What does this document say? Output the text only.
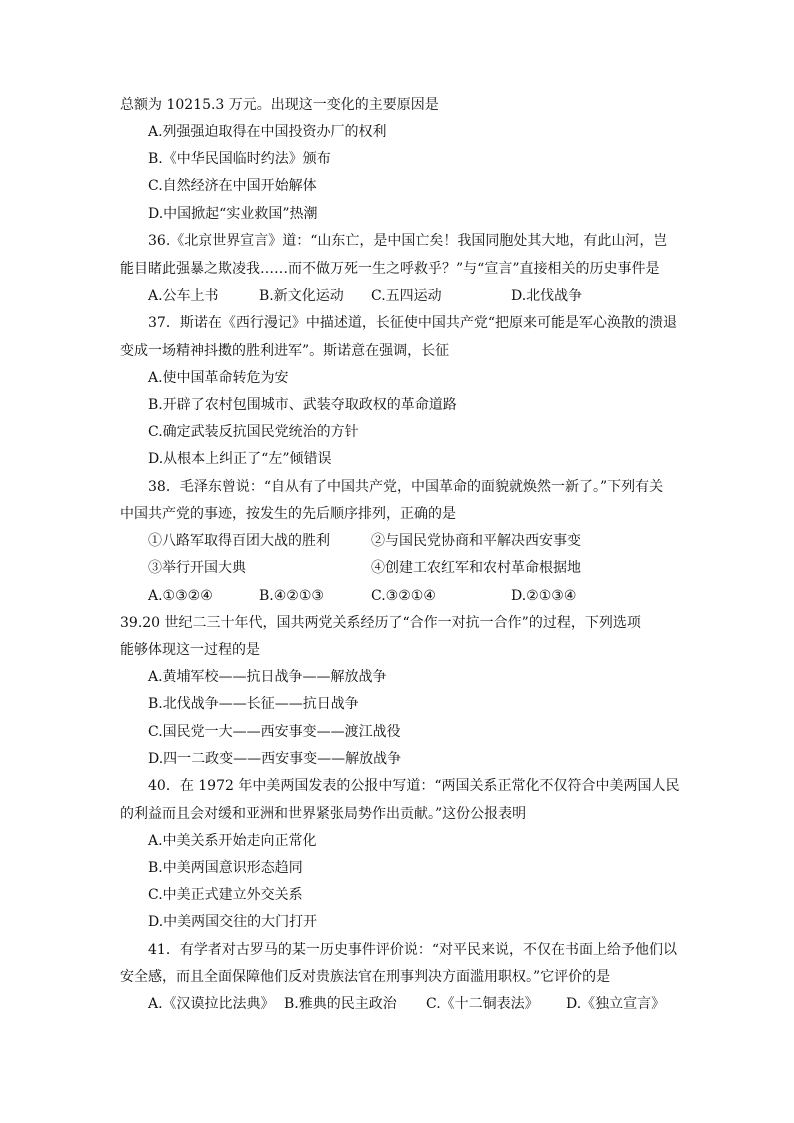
总额为 10215.3 万元。出现这一变化的主要原因是
A.列强强迫取得在中国投资办厂的权利
B.《中华民国临时约法》颁布
C.自然经济在中国开始解体
D.中国掀起“实业救国”热潮
36.《北京世界宣言》道：“山东亡，是中国亡矣！我国同胞处其大地，有此山河，岂
能目睹此强暴之欺凌我……而不做万死一生之呼救乎？”与“宣言”直接相关的历史事件是
A.公车上书	B.新文化运动 C.五四运动	D.北伐战争
37．斯诺在《西行漫记》中描述道，长征使中国共产党“把原来可能是军心涣散的溃退
变成一场精神抖擞的胜利进军”。斯诺意在强调，长征
A.使中国革命转危为安
B.开辟了农村包围城市、武装夺取政权的革命道路
C.确定武装反抗国民党统治的方针
D.从根本上纠正了“左”倾错误
38．毛泽东曾说：“自从有了中国共产党，中国革命的面貌就焕然一新了。”下列有关
中国共产党的事迹，按发生的先后顺序排列，正确的是
①八路军取得百团大战的胜利	②与国民党协商和平解决西安事变
③举行开国大典	④创建工农红军和农村革命根据地
A.①③②④	B.④②①③	C.③②①④	D.②①③④
39.20 世纪二三十年代，国共两党关系经历了“合作一对抗一合作”的过程，下列选项
能够体现这一过程的是
A.黄埔军校——抗日战争——解放战争
B.北伐战争——长征——抗日战争
C.国民党一大——西安事变——渡江战役
D.四一二政变——西安事变——解放战争
40．在 1972 年中美两国发表的公报中写道：“两国关系正常化不仅符合中美两国人民
的利益而且会对缓和亚洲和世界紧张局势作出贡献。”这份公报表明
A.中美关系开始走向正常化
B.中美两国意识形态趋同
C.中美正式建立外交关系
D.中美两国交往的大门打开
41．有学者对古罗马的某一历史事件评价说：“对平民来说，不仅在书面上给予他们以
安全感，而且全面保障他们反对贵族法官在刑事判决方面滥用职权。”它评价的是
A.《汉谟拉比法典》 B.雅典的民主政治 C.《十二铜表法》 D.《独立宣言》
